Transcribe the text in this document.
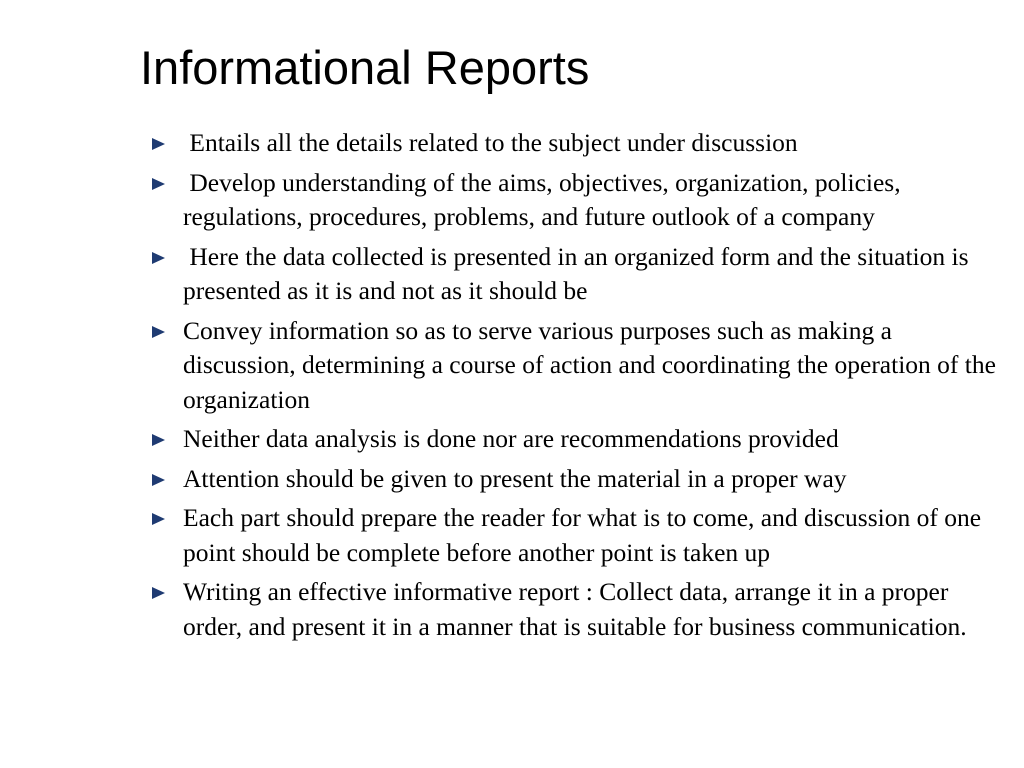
Informational Reports
Entails all the details related to the subject under discussion
Develop understanding of the aims, objectives, organization, policies, regulations, procedures, problems, and future outlook of a company
Here the data collected is presented in an organized form and the situation is presented as it is and not as it should be
Convey information so as to serve various purposes such as making a discussion, determining a course of action and coordinating the operation of the organization
Neither data analysis is done nor are recommendations provided
Attention should be given to present the material in a proper way
Each part should prepare the reader for what is to come, and discussion of one point should be complete before another point is taken up
Writing an effective informative report : Collect data, arrange it in a proper order, and present it in a manner that is suitable for business communication.
